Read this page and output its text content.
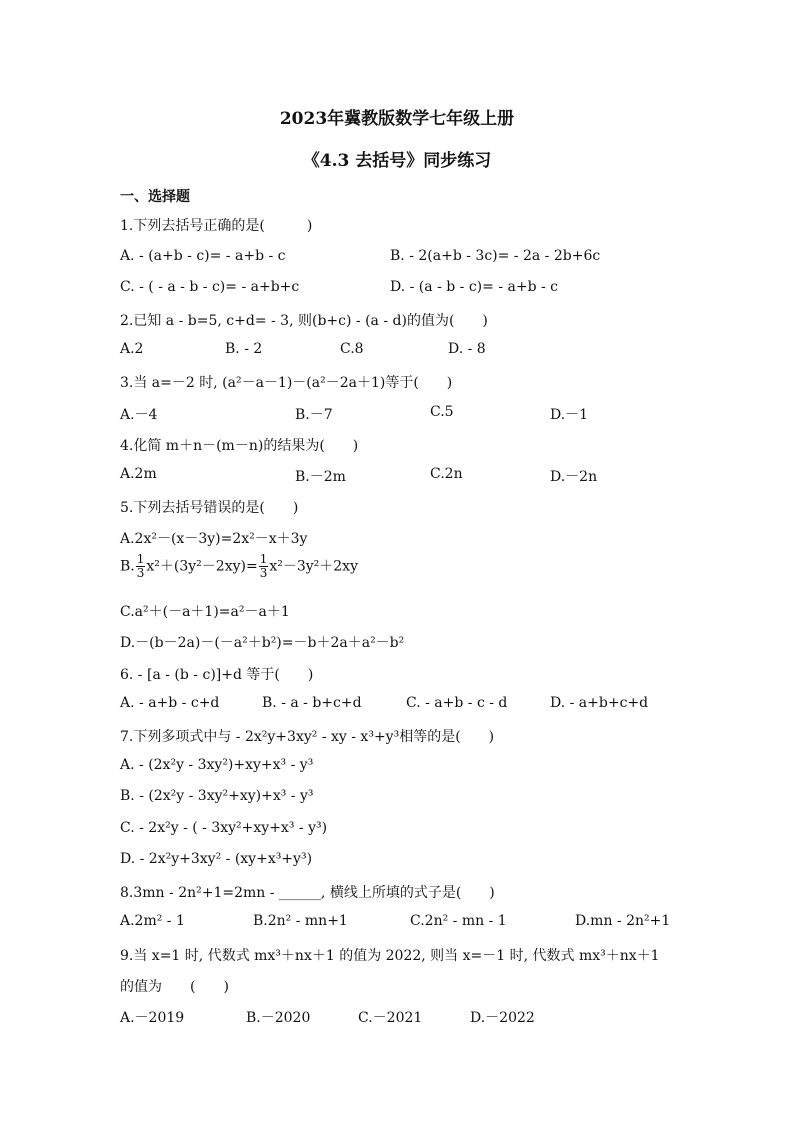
2023年冀教版数学七年级上册
《4.3 去括号》同步练习
一、选择题
1.下列去括号正确的是(　　　)
A. - (a+b - c)= - a+b - c	B. - 2(a+b - 3c)= - 2a - 2b+6c
C. - ( - a - b - c)= - a+b+c	D. - (a - b - c)= - a+b - c
2.已知 a - b=5, c+d= - 3, 则(b+c) - (a - d)的值为(　　)
A.2	B. - 2	C.8	D. - 8
3.当 a=－2 时, (a²－a－1)－(a²－2a＋1)等于(　　)
A.－4	B.－7	C.5	D.－1
4.化简 m＋n－(m－n)的结果为(　　)
A.2m	B.－2m	C.2n	D.－2n
5.下列去括号错误的是(　　)
A.2x²－(x－3y)=2x²－x＋3y
B. $\frac{1}{3} x^2+(3y^2-2xy)= \frac{1}{3} x^2-3y^2+2xy$
C.a²＋(－a＋1)=a²－a＋1
D.－(b－2a)－(－a²＋b²)=－b＋2a＋a²－b²
6. - [a - (b - c)]+d 等于(　　)
A. - a+b - c+d	B. - a - b+c+d	C. - a+b - c - d	D. - a+b+c+d
7.下列多项式中与 - 2x²y+3xy² - xy - x³+y³相等的是(　　)
A. - (2x²y - 3xy²)+xy+x³ - y³
B. - (2x²y - 3xy²+xy)+x³ - y³
C. - 2x²y - ( - 3xy²+xy+x³ - y³)
D. - 2x²y+3xy² - (xy+x³+y³)
8.3mn - 2n²+1=2mn - ______, 横线上所填的式子是(　　)
A.2m² - 1	B.2n² - mn+1	C.2n² - mn - 1	D.mn - 2n²+1
9.当 x=1 时, 代数式 mx³＋nx＋1 的值为 2022, 则当 x=－1 时, 代数式 mx³＋nx＋1
的值为　　(　　)
A.－2019	B.－2020	C.－2021	D.－2022
